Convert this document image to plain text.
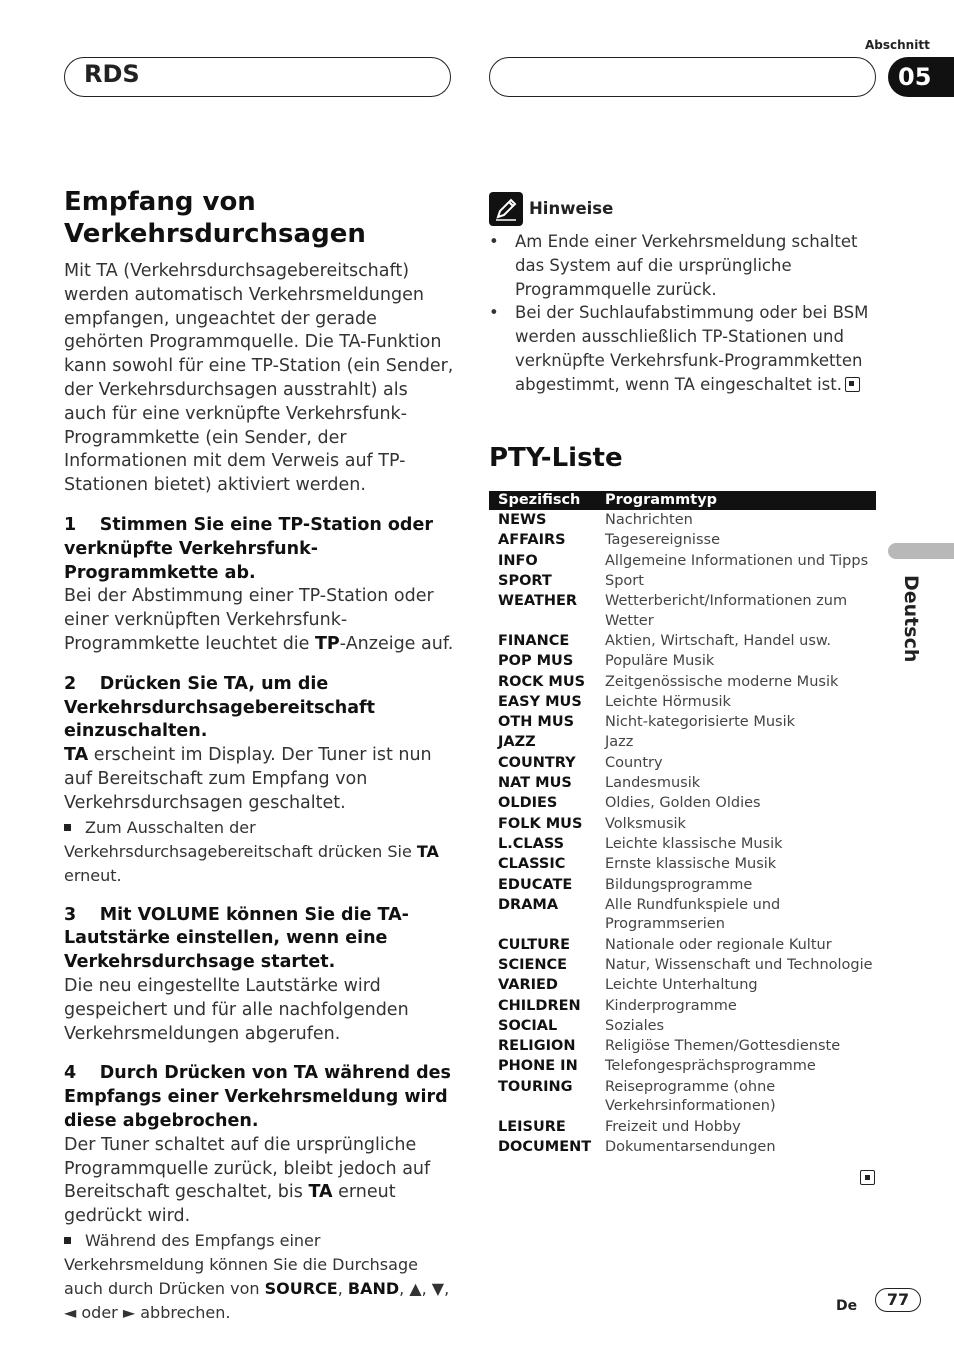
Abschnitt
RDS	05
Deutsch
Empfang von Verkehrsdurchsagen

Mit TA (Verkehrsdurchsagebereitschaft) werden automatisch Verkehrsmeldungen empfangen, ungeachtet der gerade gehörten Programmquelle. Die TA-Funktion kann sowohl für eine TP-Station (ein Sender, der Verkehrsdurchsagen ausstrahlt) als auch für eine verknüpfte Verkehrsfunk-Programmkette (ein Sender, der Informationen mit dem Verweis auf TP-Stationen bietet) aktiviert werden.

1  Stimmen Sie eine TP-Station oder verknüpfte Verkehrsfunk-Programmkette ab.

Bei der Abstimmung einer TP-Station oder einer verknüpften Verkehrsfunk-Programmkette leuchtet die TP-Anzeige auf.

2  Drücken Sie TA, um die Verkehrsdurchsagebereitschaft einzuschalten.

TA erscheint im Display. Der Tuner ist nun auf Bereitschaft zum Empfang von Verkehrsdurchsagen geschaltet.

Zum Ausschalten der Verkehrsdurchsagebereitschaft drücken Sie TA erneut.

3  Mit VOLUME können Sie die TA-Lautstärke einstellen, wenn eine Verkehrsdurchsage startet.

Die neu eingestellte Lautstärke wird gespeichert und für alle nachfolgenden Verkehrsmeldungen abgerufen.

4  Durch Drücken von TA während des Empfangs einer Verkehrsmeldung wird diese abgebrochen.

Der Tuner schaltet auf die ursprüngliche Programmquelle zurück, bleibt jedoch auf Bereitschaft geschaltet, bis TA erneut gedrückt wird.

Während des Empfangs einer Verkehrsmeldung können Sie die Durchsage auch durch Drücken von SOURCE, BAND, ▲, ▼, ◄ oder ► abbrechen.

Hinweise
• Am Ende einer Verkehrsmeldung schaltet das System auf die ursprüngliche Programmquelle zurück.
• Bei der Suchlaufabstimmung oder bei BSM werden ausschließlich TP-Stationen und verknüpfte Verkehrsfunk-Programmketten abgestimmt, wenn TA eingeschaltet ist.
PTY-Liste
Spezifisch Programmtyp
NEWS	Nachrichten
AFFAIRS	Tagesereignisse
INFO	Allgemeine Informationen und Tipps
SPORT	Sport
WEATHER Wetterbericht/Informationen zum Wetter
FINANCE Aktien, Wirtschaft, Handel usw.
POP MUS Populäre Musik
ROCK MUS Zeitgenössische moderne Musik
EASY MUS Leichte Hörmusik
OTH MUS Nicht-kategorisierte Musik
JAZZ	Jazz
COUNTRY Country
NAT MUS Landesmusik
OLDIES	Oldies, Golden Oldies
FOLK MUS Volksmusik
L.CLASS	Leichte klassische Musik
CLASSIC	Ernste klassische Musik
EDUCATE Bildungsprogramme
DRAMA	Alle Rundfunkspiele und Programmserien
CULTURE Nationale oder regionale Kultur
SCIENCE	Natur, Wissenschaft und Technologie
VARIED	Leichte Unterhaltung
CHILDREN Kinderprogramme
SOCIAL	Soziales
RELIGION Religiöse Themen/Gottesdienste
PHONE IN Telefongesprächsprogramme
TOURING Reiseprogramme (ohne Verkehrsinformationen)
LEISURE	Freizeit und Hobby
DOCUMENT Dokumentarsendungen
De	77
